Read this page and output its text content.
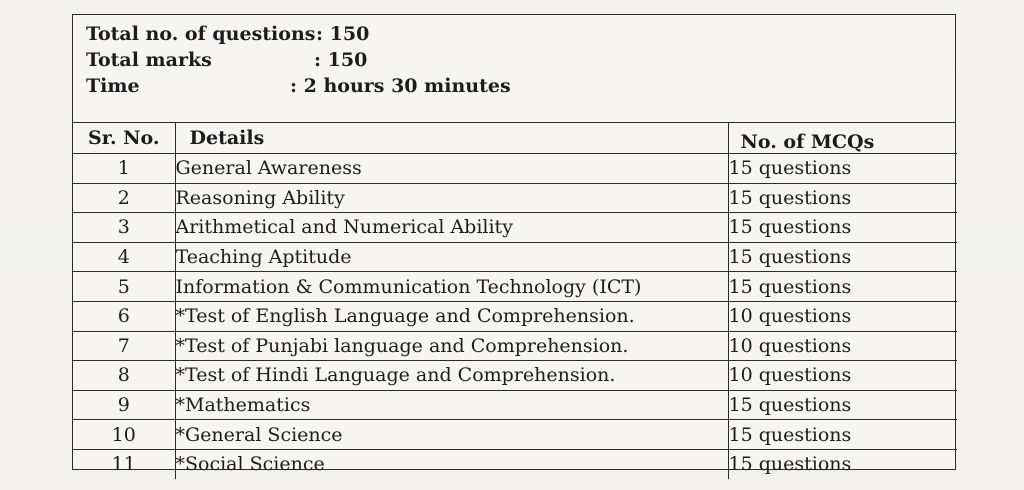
Total no. of questions : 150
Total marks	: 150
Time	: 2 hours 30 minutes
Sr. No.	Details	No. of MCQs
1	General Awareness	15 questions
2	Reasoning Ability	15 questions
3	Arithmetical and Numerical Ability	15 questions
4	Teaching Aptitude	15 questions
5	Information & Communication Technology (ICT)	15 questions
6	*Test of English Language and Comprehension.	10 questions
7	*Test of Punjabi language and Comprehension.	10 questions
8	*Test of Hindi Language and Comprehension.	10 questions
9	*Mathematics	15 questions
10	*General Science	15 questions
11	*Social Science	15 questions
